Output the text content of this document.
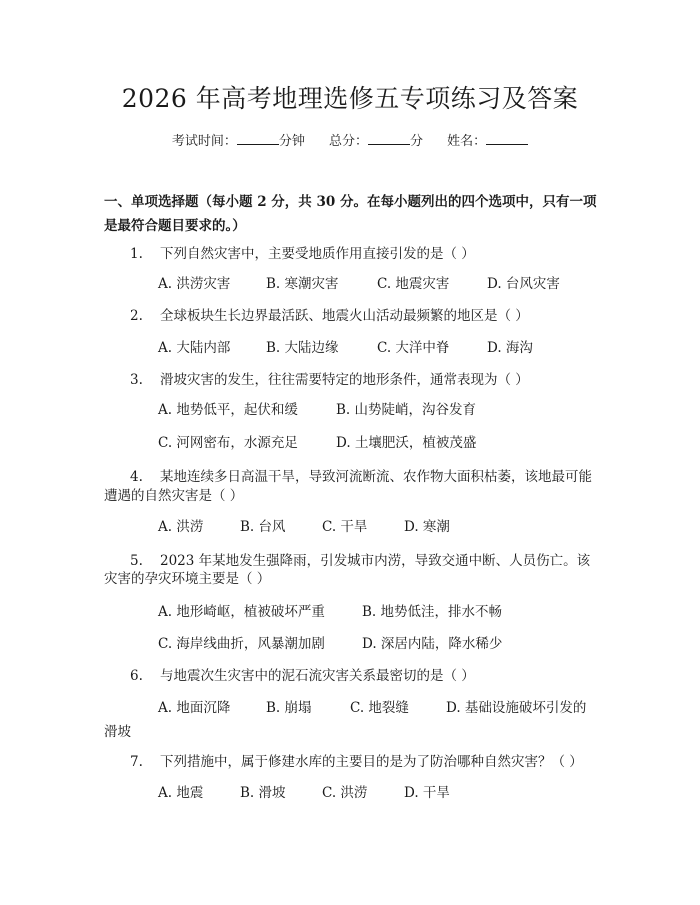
2026 年高考地理选修五专项练习及答案
考试时间：	分钟 总分：	分 姓名：
一、单项选择题（每小题 2 分，共 30 分。在每小题列出的四个选项中，只有一项是最符合题目要求的。）
1. 下列自然灾害中，主要受地质作用直接引发的是（ ）
A. 洪涝灾害	B. 寒潮灾害	C. 地震灾害	D. 台风灾害
2. 全球板块生长边界最活跃、地震火山活动最频繁的地区是（ ）
A. 大陆内部	B. 大陆边缘	C. 大洋中脊	D. 海沟
3. 滑坡灾害的发生，往往需要特定的地形条件，通常表现为（ ）
A. 地势低平，起伏和缓	B. 山势陡峭，沟谷发育
C. 河网密布，水源充足	D. 土壤肥沃，植被茂盛
4. 某地连续多日高温干旱，导致河流断流、农作物大面积枯萎，该地最可能
遭遇的自然灾害是（ ）
A. 洪涝	B. 台风	C. 干旱	D. 寒潮
5. 2023 年某地发生强降雨，引发城市内涝，导致交通中断、人员伤亡。该
灾害的孕灾环境主要是（ ）
A. 地形崎岖，植被破坏严重	B. 地势低洼，排水不畅
C. 海岸线曲折，风暴潮加剧	D. 深居内陆，降水稀少
6. 与地震次生灾害中的泥石流灾害关系最密切的是（ ）
A. 地面沉降	B. 崩塌	C. 地裂缝	D. 基础设施破坏引发的
滑坡
7. 下列措施中，属于修建水库的主要目的是为了防治哪种自然灾害？（ ）
A. 地震	B. 滑坡	C. 洪涝	D. 干旱
